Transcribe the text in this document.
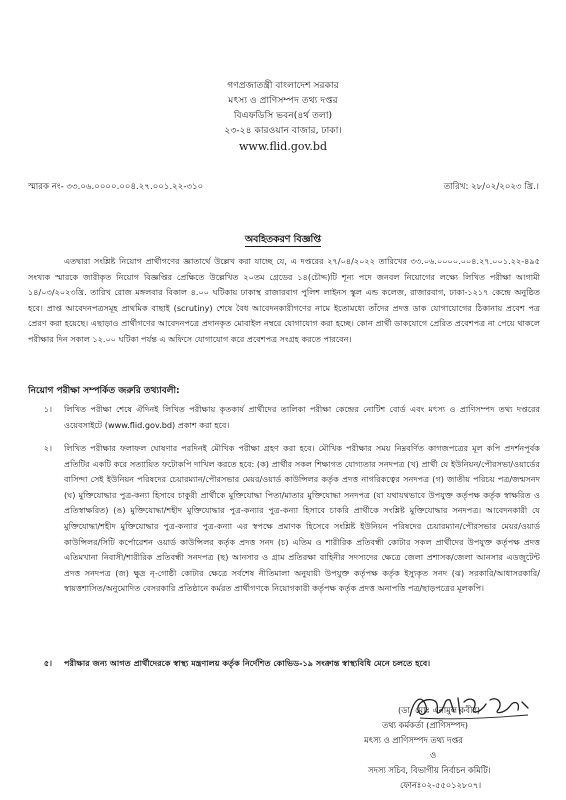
গণপ্রজাতন্ত্রী বাংলাদেশ সরকার
মৎস্য ও প্রাণিসম্পদ তথ্য দপ্তর
বিএফডিসি ভবন(৪র্থ তলা)
২৩-২৪ কারওয়ান বাজার, ঢাকা।
www.flid.gov.bd
স্মারক নং- ৩৩.০৬.০০০০.০০৪.২৭.০০১.২২-৩১০	তারিখ: ২৮/০২/২০২৩ খ্রি.।
অবহিতকরণ বিজ্ঞপ্তি

এতদ্বারা সংশ্লিষ্ট নিয়োগ প্রার্থীগণের জ্ঞাতার্থে উল্লেখ করা যাচ্ছে যে, এ দপ্তরের ২৭/০৪/২০২২ তারিখের ৩৩.০৬.০০০০.০০৪.২৭.০০১.২২-৪৯৫ সংখ্যক স্মারকে জারীকৃত নিয়োগ বিজ্ঞপ্তির প্রেক্ষিতে উল্লেখিত ২০তম গ্রেডের ১৪(চৌদ্দ)টি শূন্য পদে জনবল নিয়োগের লক্ষ্যে লিখিত পরীক্ষা আগামী ১৪/০৩/২০২৩খ্রি. তারিখ রোজ মঙ্গলবার বিকাল ৪.০০ ঘটিকায় ঢাকাস্থ রাজারবাগ পুলিশ লাইনস স্কুল এন্ড কলেজ, রাজারবাগ, ঢাকা-১২১৭ কেন্দ্রে অনুষ্ঠিত হবে। প্রাপ্ত আবেদনপত্রসমূহ প্রাথমিক বাছাই (scrutiny) শেষে বৈধ আবেদনকারীগণের নামে ইতোমধ্যে তাঁদের প্রদত্ত ডাক যোগাযোগের ঠিকানায় প্রবেশ পত্র প্রেরণ করা হয়েছে। এছাড়াও প্রার্থীগণের আবেদনপত্রে প্রদানকৃত মোবাইল নম্বরে যোগাযোগ করা হচ্ছে। কোন প্রার্থী ডাকযোগে প্রেরিত প্রবেশপত্র না পেয়ে থাকলে পরীক্ষার দিন সকাল ১২.০০ ঘটিকা পর্যন্ত এ অফিসে যোগাযোগ করে প্রবেশপত্র সংগ্রহ করতে পারবেন।

নিয়োগ পরীক্ষা সম্পর্কিত জরুরি তথ্যাবলী:
১।	লিখিত পরীক্ষা শেষে ঐদিনই লিখিত পরীক্ষায় কৃতকার্য প্রার্থীদের তালিকা পরীক্ষা কেন্দ্রের নোটিশ বোর্ড এবং মৎস্য ও প্রাণিসম্পদ তথ্য দপ্তরের ওয়েবসাইটে (www.flid.gov.bd) প্রকাশ করা হবে।

২।	লিখিত পরীক্ষার ফলাফল ঘোষণার পরদিনই মৌখিক পরীক্ষা গ্রহণ করা হবে। মৌখিক পরীক্ষার সময় নিম্নবর্ণিত কাগজপত্রের মূল কপি প্রদর্শনপূর্বক প্রতিটির একটি করে সত্যায়িত ফটোকপি দাখিল করতে হবে: (ক) প্রার্থীর সকল শিক্ষাগত যোগ্যতার সনদপত্র (খ) প্রার্থী যে ইউনিয়ন/পৌরসভা/ওয়ার্ডের বাসিন্দা সেই ইউনিয়ন পরিষদের চেয়ারম্যান/পৌরসভার মেয়র/ওয়ার্ড কাউন্সিলর কর্তৃক প্রদত্ত নাগরিকত্বের সনদপত্র (গ) জাতীয় পরিচয় পত্র/জন্মসনদ (ঘ) মুক্তিযোদ্ধার পুত্র-কন্যা হিসাবে চাকুরী প্রার্থীকে মুক্তিযোদ্ধা পিতা/মাতার মুক্তিযোদ্ধা সনদপত্র (যা যথাযথভাবে উপযুক্ত কর্তৃপক্ষ কর্তৃক স্বাক্ষরিত ও প্রতিস্বাক্ষরিত) (ঙ) মুক্তিযোদ্ধা/শহীদ মুক্তিযোদ্ধার পুত্র-কন্যার পুত্র-কন্যা হিসাবে চাকরি প্রার্থীকে সংশ্লিষ্ট মুক্তিযোদ্ধার সনদপত্র। আবেদনকারী যে মুক্তিযোদ্ধা/শহীদ মুক্তিযোদ্ধার পুত্র-কন্যার পুত্র-কন্যা এর স্বপক্ষে প্রমাণক হিসেবে সংশ্লিষ্ট ইউনিয়ন পরিষদের চেয়ারম্যান/পৌরসভার মেয়র/ওয়ার্ড কাউন্সিলর/সিটি কর্পোরেশন ওয়ার্ড কাউন্সিলর কর্তৃক প্রদত্ত সনদ (চ) এতিম ও শারীরিক প্রতিবন্ধী কোটার সকল প্রার্থীদের উপযুক্ত কর্তৃপক্ষ প্রদত্ত এতিমখানা নিবাসী/শারীরিক প্রতিবন্ধী সনদপত্র (ছ) আনসার ও গ্রাম প্রতিরক্ষা বাহিনীর সদস্যদের ক্ষেত্রে জেলা প্রশাসক/জেলা আনসার এডজুটেন্ট প্রদত্ত সনদপত্র (জ) ক্ষুদ্র নৃ-গোষ্ঠী কোটার ক্ষেত্রে সর্বশেষ নীতিমালা অনুযায়ী উপযুক্ত কর্তৃপক্ষ কর্তৃক ইস্যুকৃত সনদ (ঝ) সরকারি/আধাসরকারি/স্বায়ত্তশাসিত/অনুমোদিত বেসরকারি প্রতিষ্ঠানে কর্মরত প্রার্থীগণকে নিয়োগকারী কর্তৃপক্ষ কর্তৃক প্রদত্ত অনাপত্তি পত্র/ছাড়পত্রের মূলকপি।

৫।	পরীক্ষার জন্য আগত প্রার্থীদেরকে স্বাস্থ্য মন্ত্রণালয় কর্তৃক নির্দেশিত কোভিড-১৯ সংক্রান্ত স্বাস্থ্যবিধি মেনে চলতে হবে।

(ডা. মোঃ এনামুল কবীর)
তথ্য কর্মকর্তা (প্রাণিসম্পদ)
মৎস্য ও প্রাণিসম্পদ তথ্য দপ্তর
ও
সদস্য সচিব, বিভাগীয় নির্বাচন কমিটি।
ফোনঃ০২-৫৫০১২৮০৭।
